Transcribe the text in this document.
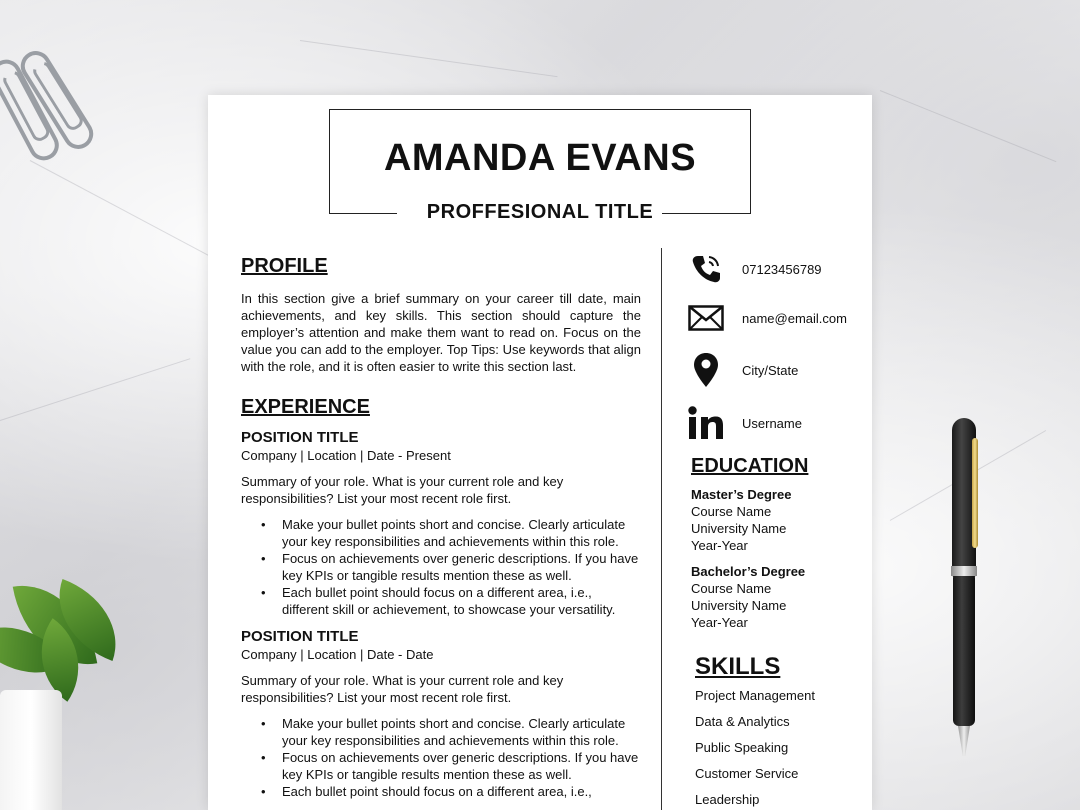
AMANDA EVANS
PROFFESIONAL TITLE
PROFILE
In this section give a brief summary on your career till date, main achievements, and key skills. This section should capture the employer’s attention and make them want to read on. Focus on the value you can add to the employer. Top Tips: Use keywords that align with the role, and it is often easier to write this section last.
EXPERIENCE
POSITION TITLE
Company | Location | Date - Present
Summary of your role. What is your current role and key responsibilities? List your most recent role first.
• Make your bullet points short and concise. Clearly articulate your key responsibilities and achievements within this role.
• Focus on achievements over generic descriptions. If you have key KPIs or tangible results mention these as well.
• Each bullet point should focus on a different area, i.e., different skill or achievement, to showcase your versatility.
POSITION TITLE
Company | Location | Date - Date
Summary of your role. What is your current role and key responsibilities? List your most recent role first.
• Make your bullet points short and concise. Clearly articulate your key responsibilities and achievements within this role.
• Focus on achievements over generic descriptions. If you have key KPIs or tangible results mention these as well.
• Each bullet point should focus on a different area, i.e.,
07123456789
name@email.com
City/State
Username
EDUCATION
Master’s Degree
Course Name
University Name
Year-Year
Bachelor’s Degree
Course Name
University Name
Year-Year
SKILLS
Project Management
Data & Analytics
Public Speaking
Customer Service
Leadership
